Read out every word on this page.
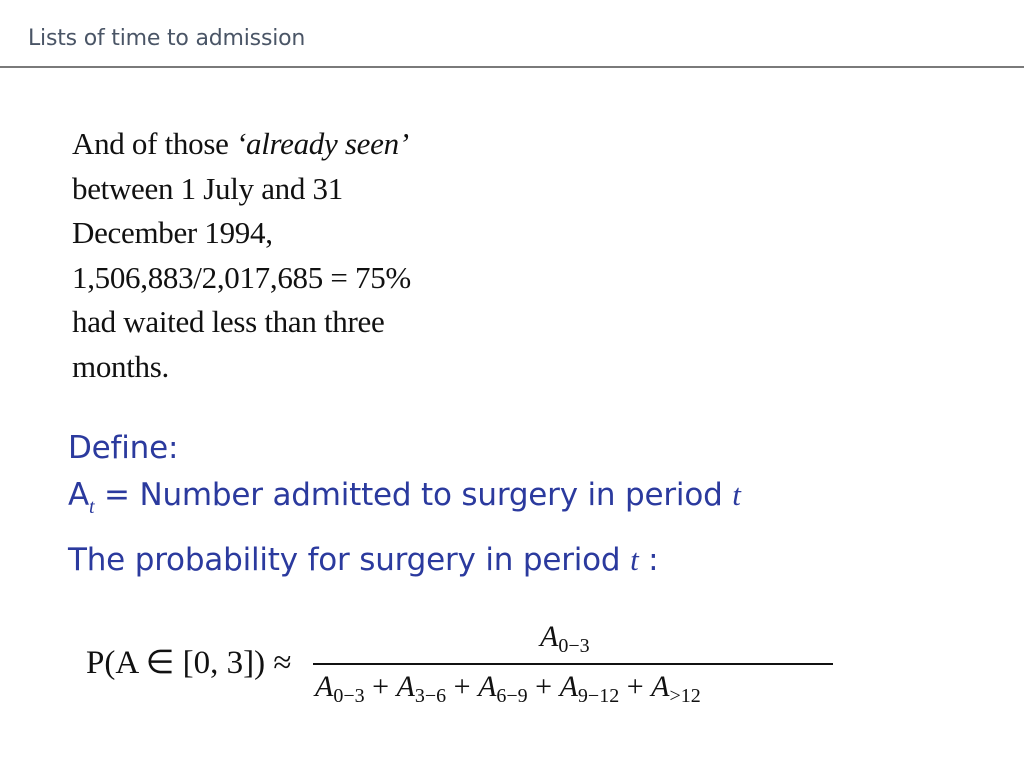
Lists of time to admission
And of those ‘already seen’
between 1 July and 31
December 1994,
1,506,883/2,017,685 = 75%
had waited less than three
months.
Define:
$A_t$ = Number admitted to surgery in period t
The probability for surgery in period t :
P(A ∈ [0, 3]) ≈
$A_{0-3}$
$A_{0-3} + A_{3-6} + A_{6-9} + A_{9-12} + A_{>12}$
